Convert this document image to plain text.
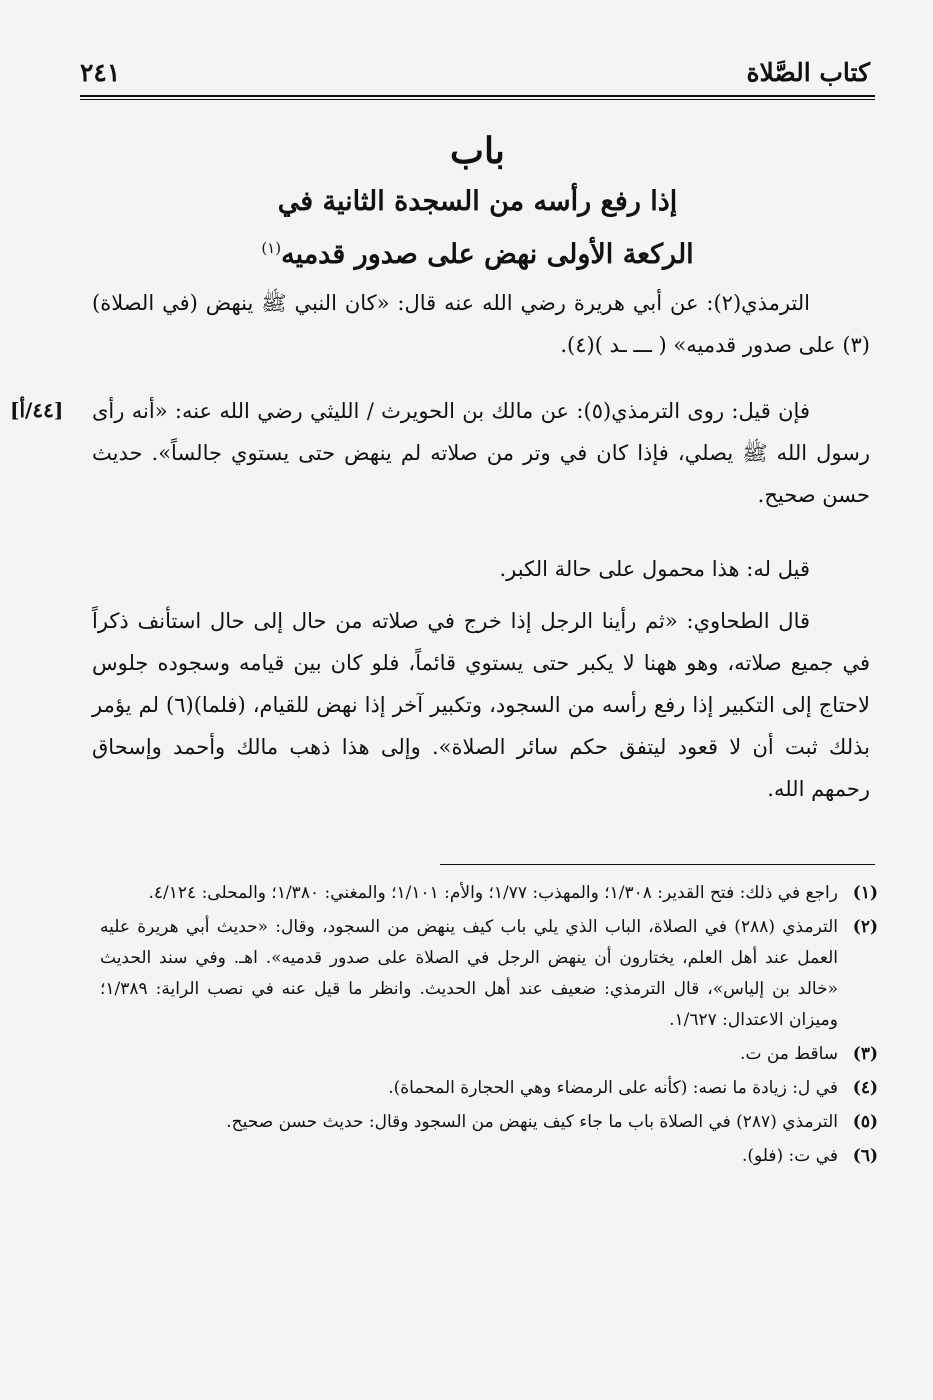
كتاب الصَّلاة
٢٤١
باب
إذا رفع رأسه من السجدة الثانية في
الركعة الأولى نهض على صدور قدميه$^{(١)}$
[٤٤/أ]
الترمذي(٢): عن أبي هريرة رضي الله عنه قال: «كان النبي ﷺ ينهض (في الصلاة)(٣) على صدور قدميه» ( ـــ ـد )(٤).
فإن قيل: روى الترمذي(٥): عن مالك بن الحويرث / الليثي رضي الله عنه: «أنه رأى رسول الله ﷺ يصلي، فإذا كان في وتر من صلاته لم ينهض حتى يستوي جالساً». حديث حسن صحيح.
قيل له: هذا محمول على حالة الكبر.
قال الطحاوي: «ثم رأينا الرجل إذا خرج في صلاته من حال إلى حال استأنف ذكراً في جميع صلاته، وهو ههنا لا يكبر حتى يستوي قائماً، فلو كان بين قيامه وسجوده جلوس لاحتاج إلى التكبير إذا رفع رأسه من السجود، وتكبير آخر إذا نهض للقيام، (فلما)(٦) لم يؤمر بذلك ثبت أن لا قعود ليتفق حكم سائر الصلاة». وإلى هذا ذهب مالك وأحمد وإسحاق رحمهم الله.
(١)
راجع في ذلك: فتح القدير: ١/٣٠٨؛ والمهذب: ١/٧٧؛ والأم: ١/١٠١؛ والمغني: ١/٣٨٠؛ والمحلى: ٤/١٢٤.
(٢)
الترمذي (٢٨٨) في الصلاة، الباب الذي يلي باب كيف ينهض من السجود، وقال: «حديث أبي هريرة عليه العمل عند أهل العلم، يختارون أن ينهض الرجل في الصلاة على صدور قدميه». اهـ. وفي سند الحديث «خالد بن إلياس»، قال الترمذي: ضعيف عند أهل الحديث. وانظر ما قيل عنه في نصب الراية: ١/٣٨٩؛ وميزان الاعتدال: ١/٦٢٧.
(٣)
ساقط من ت.
(٤)
في ل: زيادة ما نصه: (كأنه على الرمضاء وهي الحجارة المحماة).
(٥)
الترمذي (٢٨٧) في الصلاة باب ما جاء كيف ينهض من السجود وقال: حديث حسن صحيح.
(٦)
في ت: (فلو).
